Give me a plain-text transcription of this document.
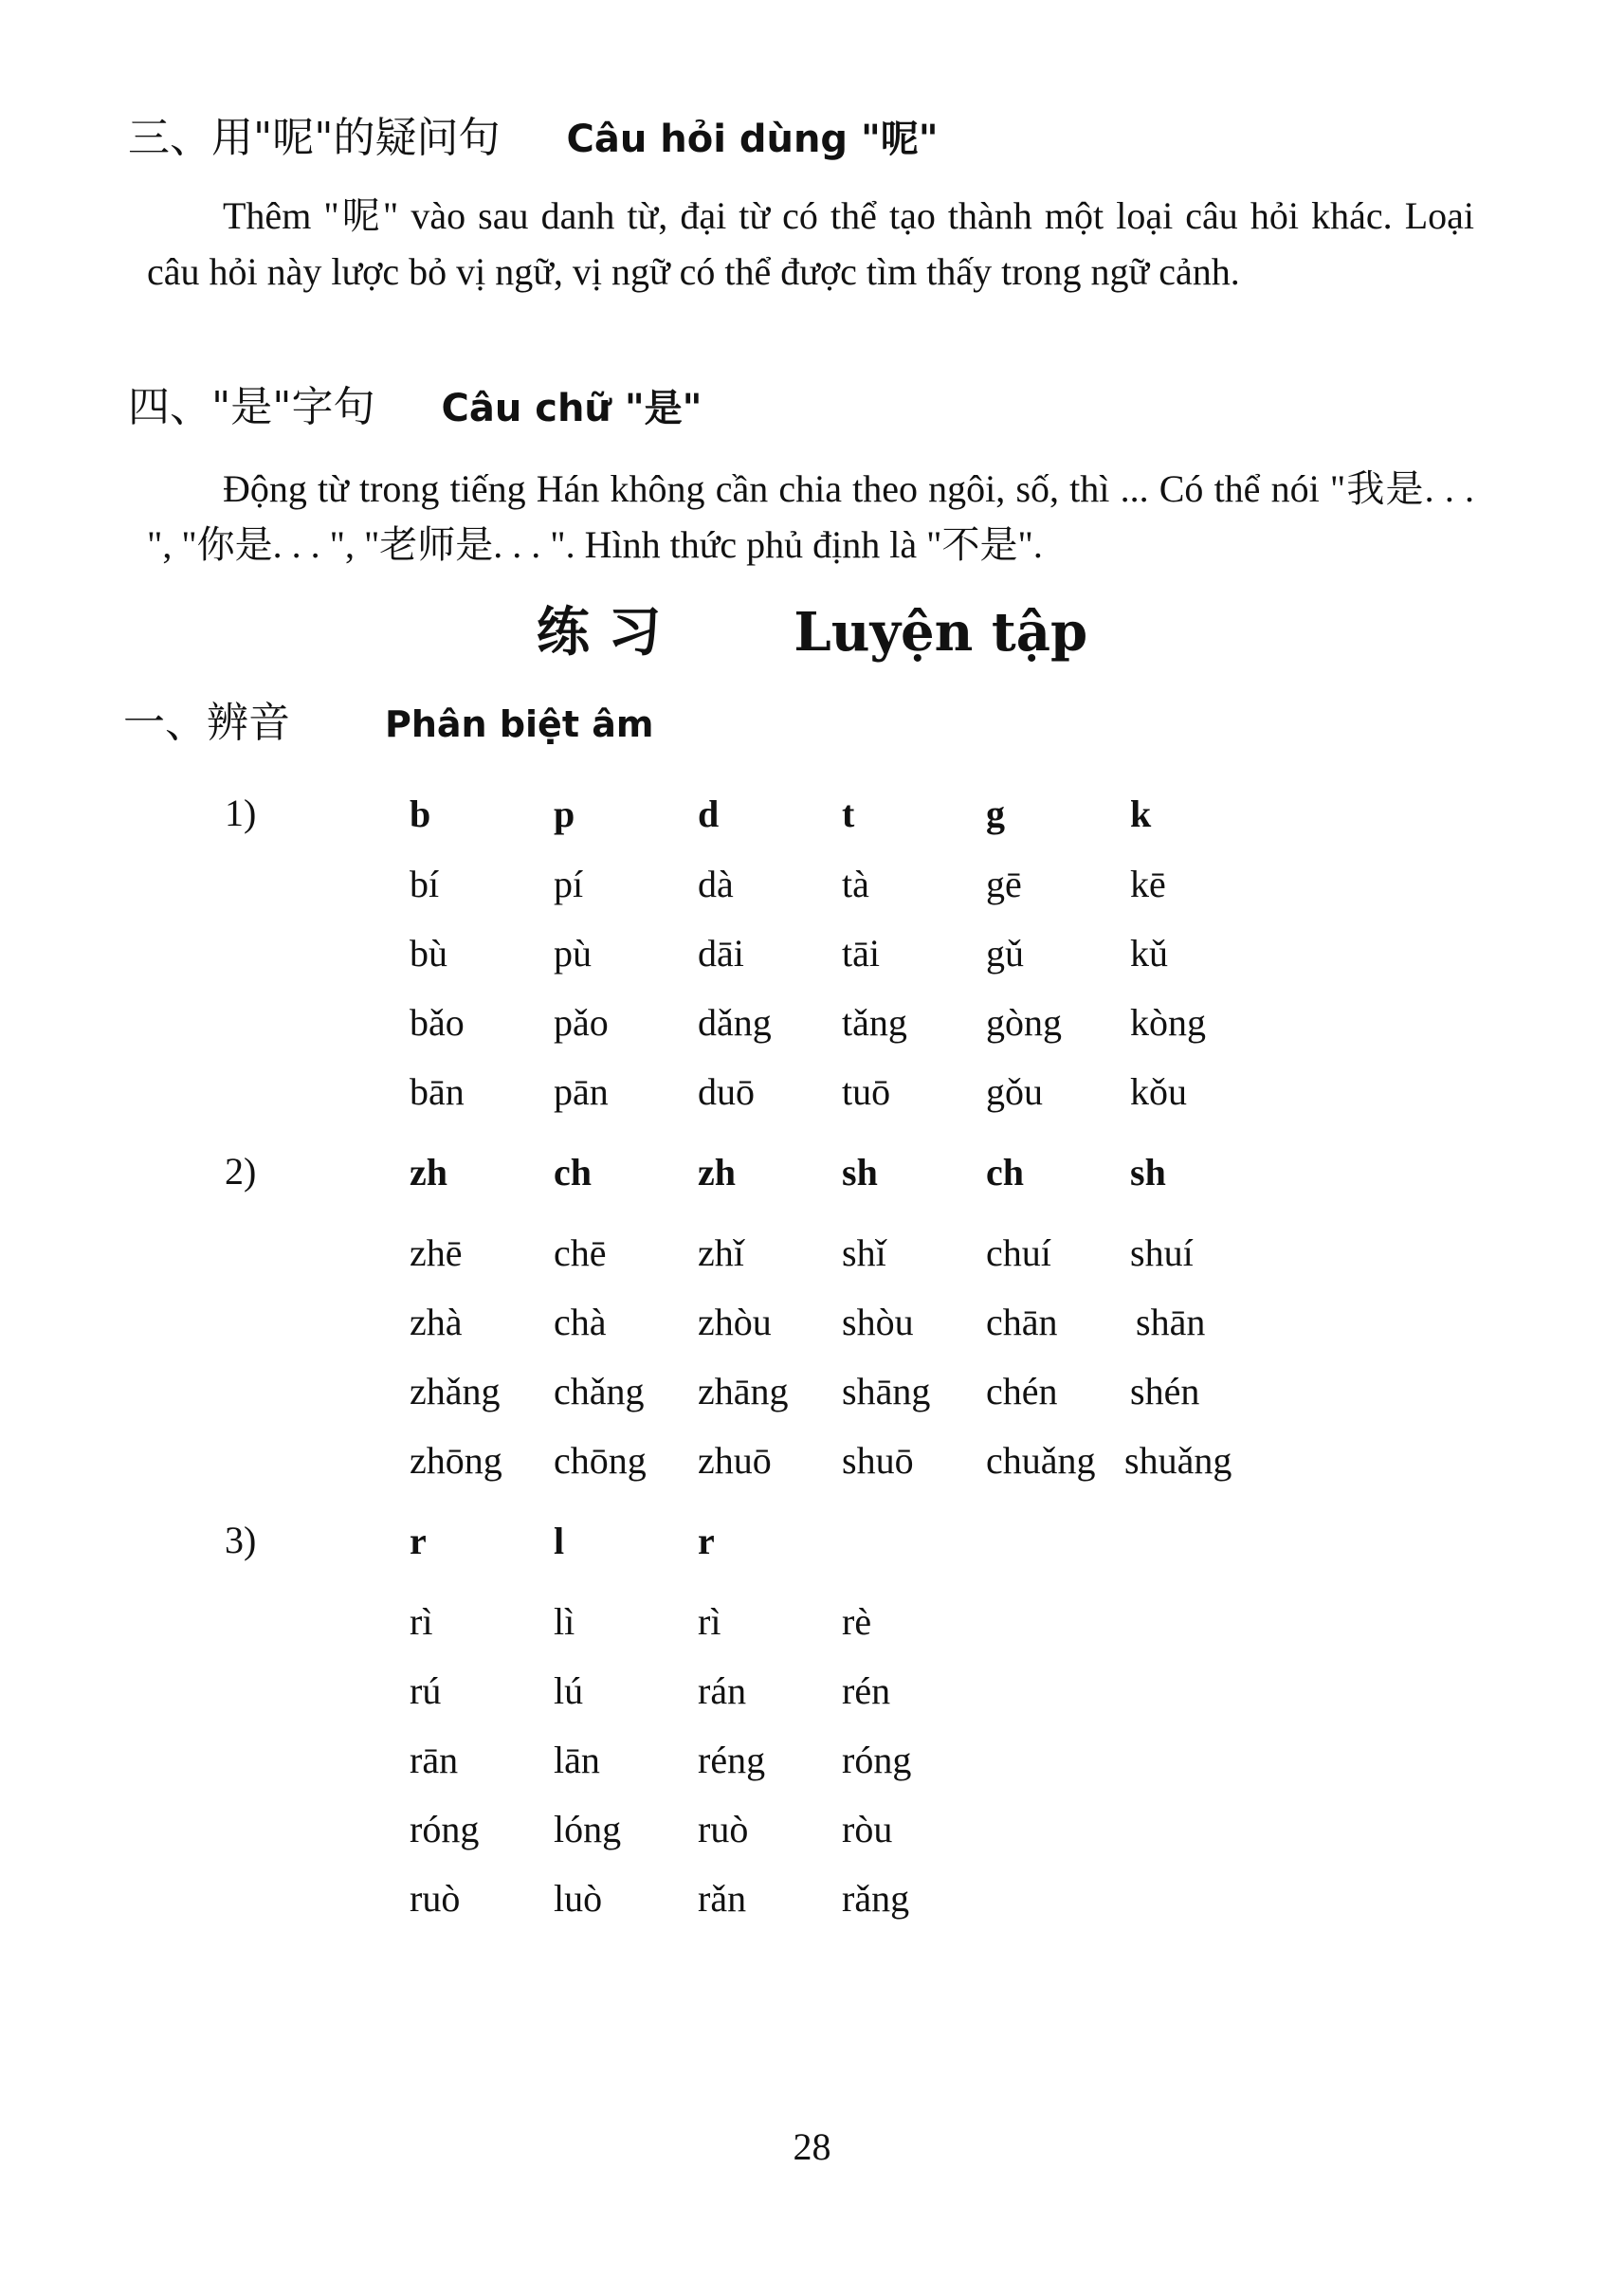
三、用"呢"的疑问句 Câu hỏi dùng "呢"
Thêm "呢" vào sau danh từ, đại từ có thể tạo thành một loại câu hỏi khác. Loại câu hỏi này lược bỏ vị ngữ, vị ngữ có thể được tìm thấy trong ngữ cảnh.
四、"是"字句 Câu chữ "是"
Động từ trong tiếng Hán không cần chia theo ngôi, số, thì ... Có thể nói "我是. . . ", "你是. . . ", "老师是. . . ". Hình thức phủ định là "不是".
练 习	Luyện tập
一、辨音	Phân biệt âm
1)	b	p	d	t	g	k
bí	pí	dà	tà	gē	kē
bù	pù	dāi	tāi	gǔ	kǔ
bǎo pǎo dǎng tǎng gòng kòng
bān pān duō tuō	gǒu kǒu
2)	zh	ch	zh	sh	ch	sh
zhē chē zhǐ	shǐ	chuí shuí
zhà chà zhòu shòu chān shān
zhǎng chǎng zhāng shāng chén shén
zhōng chōng zhuō shuō chuǎng shuǎng
3)	r	l	r
rì	lì	rì	rè
rú	lú	rán	rén
rān	lān	réng róng
róng lóng ruò ròu
ruò luò	rǎn	rǎng
28
